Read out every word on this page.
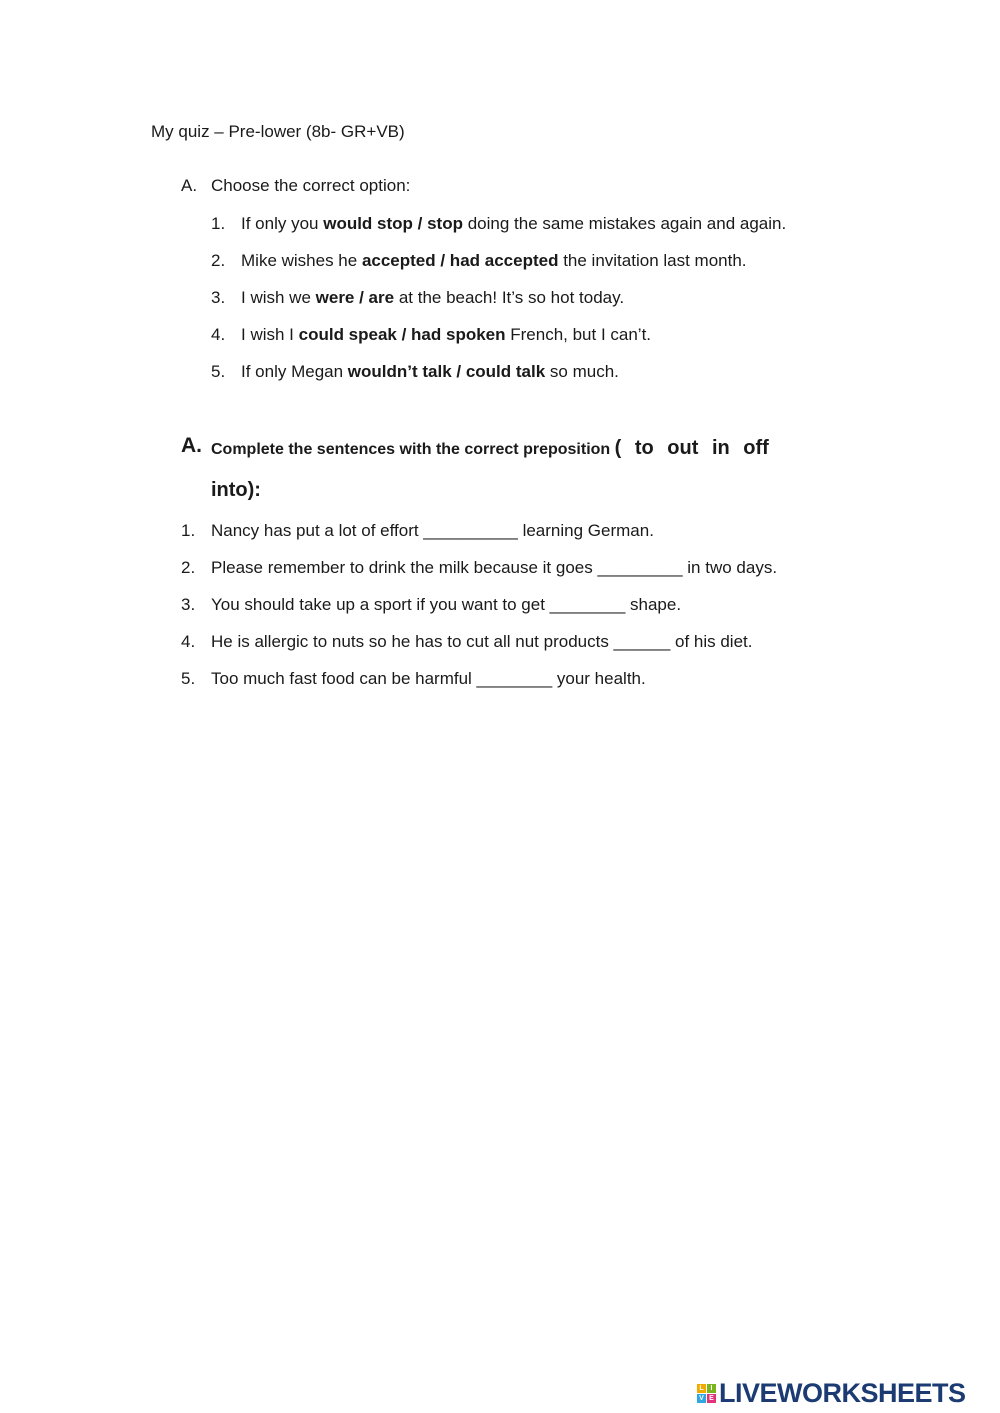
My quiz – Pre-lower (8b- GR+VB)
A. Choose the correct option:
1. If only you would stop / stop doing the same mistakes again and again.
2. Mike wishes he accepted / had accepted the invitation last month.
3. I wish we were / are at the beach! It’s so hot today.
4. I wish I could speak / had spoken French, but I can’t.
5. If only Megan wouldn’t talk / could talk so much.
A. Complete the sentences with the correct preposition ( to out in off
into):
1. Nancy has put a lot of effort __________ learning German.
2. Please remember to drink the milk because it goes _________ in two days.
3. You should take up a sport if you want to get ________ shape.
4. He is allergic to nuts so he has to cut all nut products ______ of his diet.
5. Too much fast food can be harmful ________ your health.
L I
V E LIVEWORKSHEETS
